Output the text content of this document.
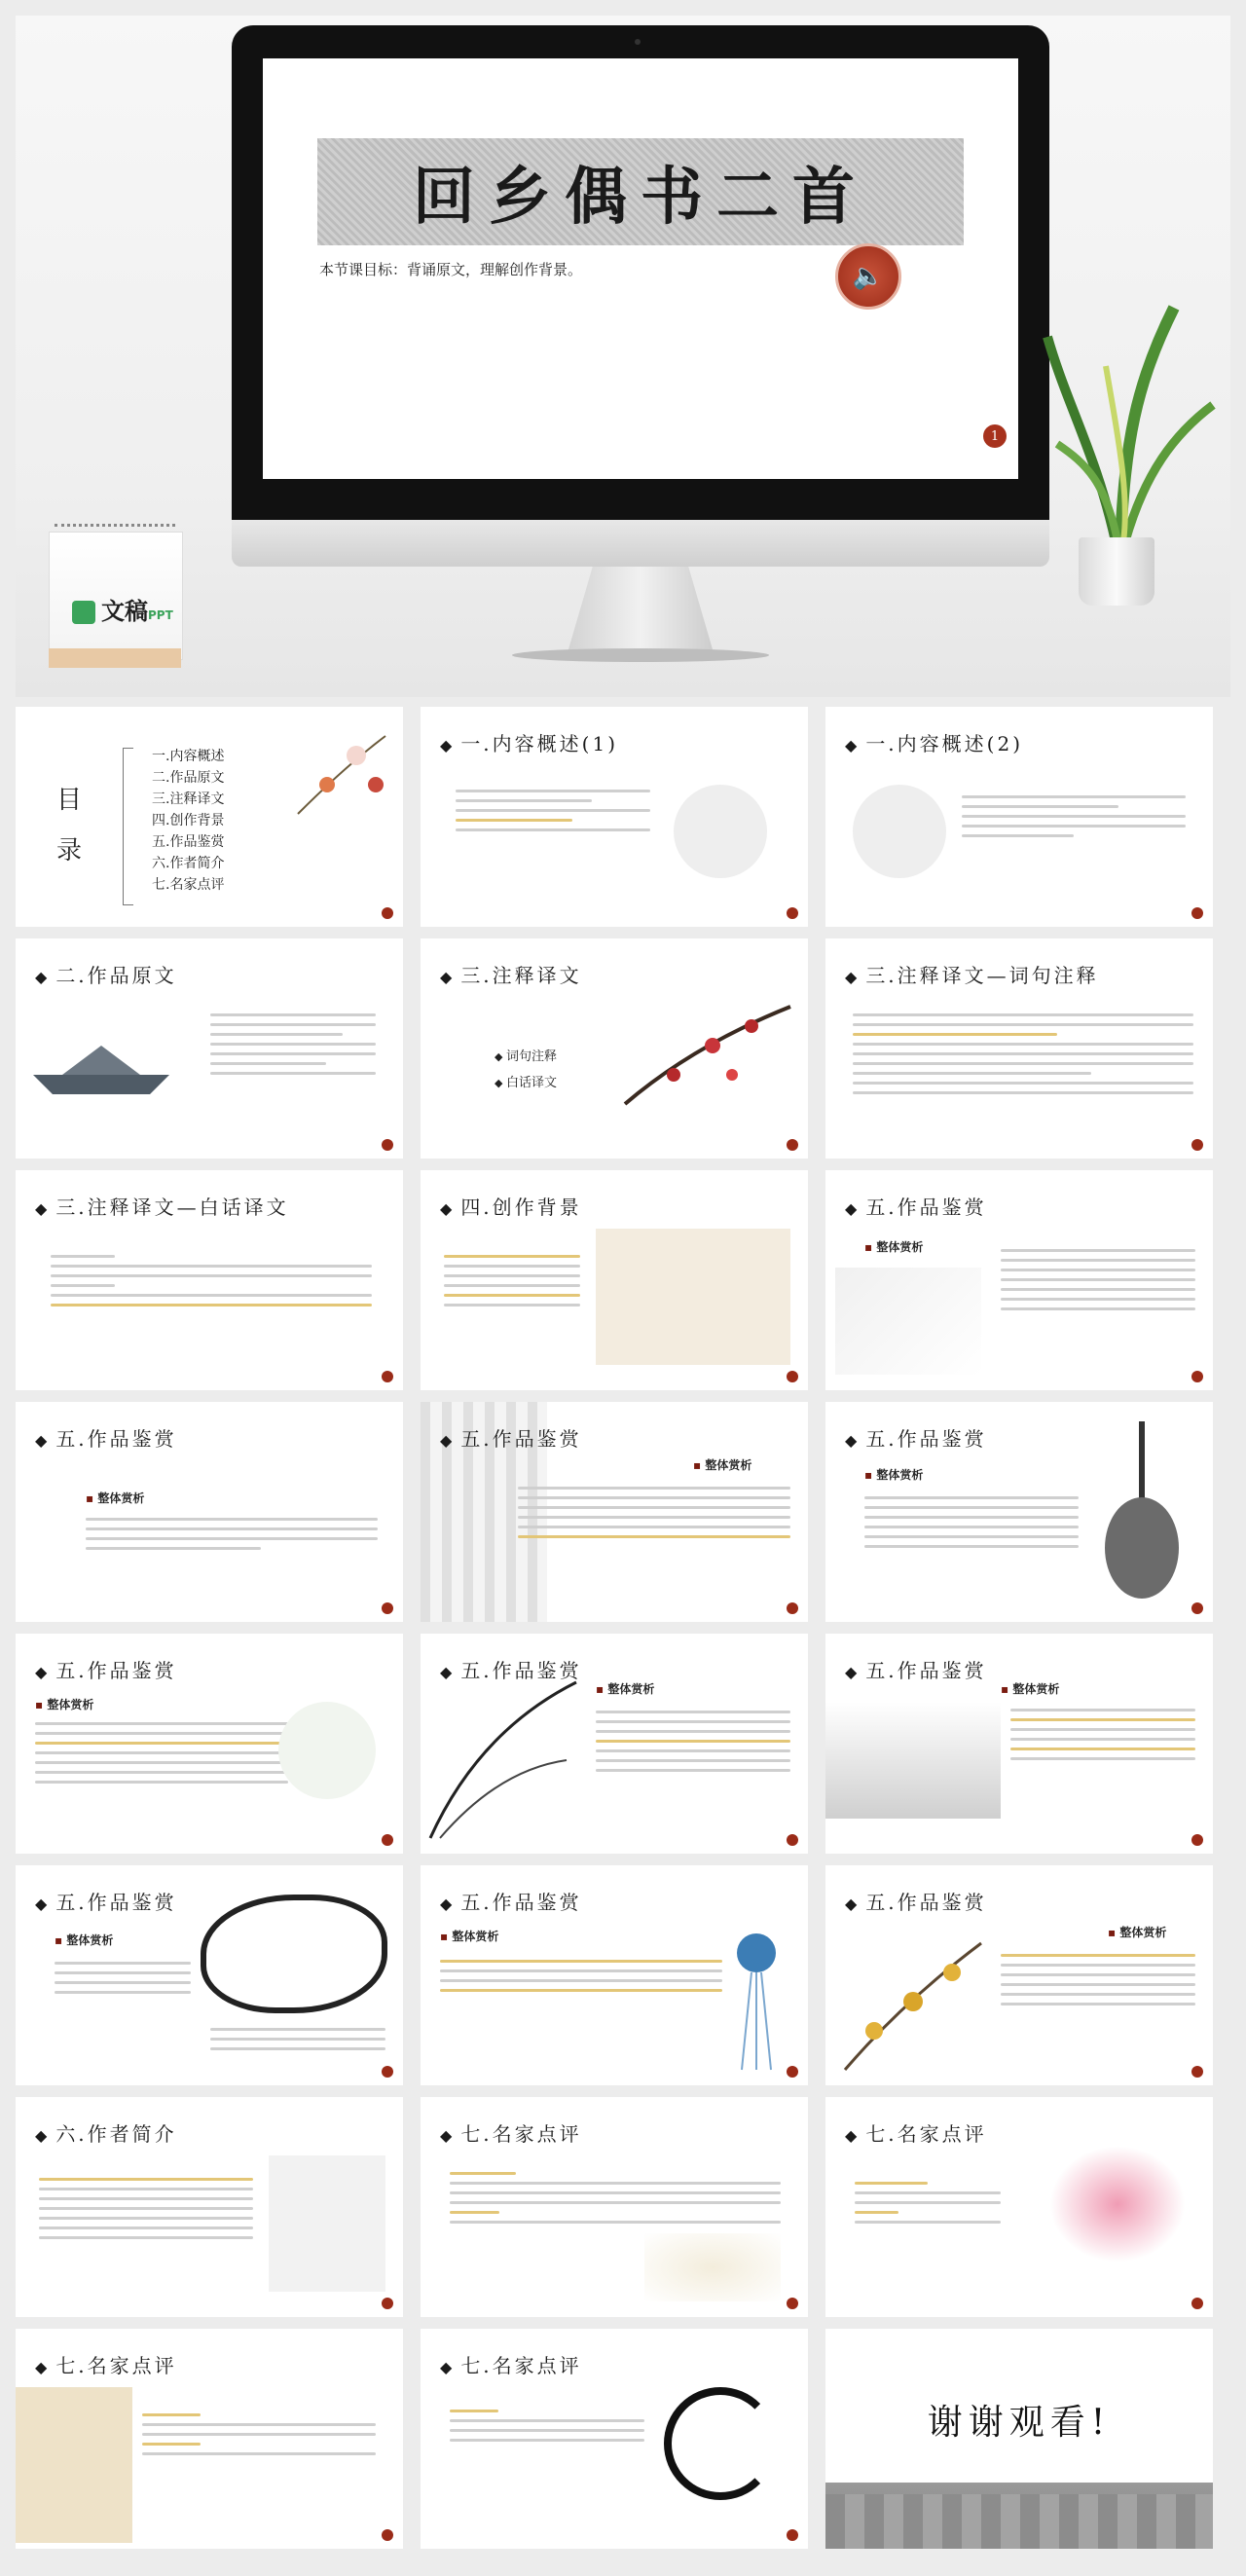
回乡偶书二首
本节课目标：背诵原文，理解创作背景。	🔈
1
文稿PPT
目录
一.内容概述
二.作品原文
三.注释译文
四.创作背景
五.作品鉴赏
六.作者简介
七.名家点评
◆ 一.内容概述(1)	◆ 一.内容概述(2)
◆ 二.作品原文	◆ 三.注释译文
◆ 词句注释
◆ 白话译文
◆ 三.注释译文—词句注释
◆ 三.注释译文—白话译文	◆ 四.创作背景	◆ 五.作品鉴赏
▪ 整体赏析
◆ 五.作品鉴赏
▪ 整体赏析
◆ 五.作品鉴赏
▪ 整体赏析
◆ 五.作品鉴赏
▪ 整体赏析
◆ 五.作品鉴赏
▪ 整体赏析
◆ 五.作品鉴赏
▪ 整体赏析
◆ 五.作品鉴赏
▪ 整体赏析
◆ 五.作品鉴赏
▪ 整体赏析
◆ 五.作品鉴赏
▪ 整体赏析
◆ 五.作品鉴赏
▪ 整体赏析
◆ 六.作者简介	◆ 七.名家点评	◆ 七.名家点评
◆ 七.名家点评	◆ 七.名家点评
谢谢观看!
